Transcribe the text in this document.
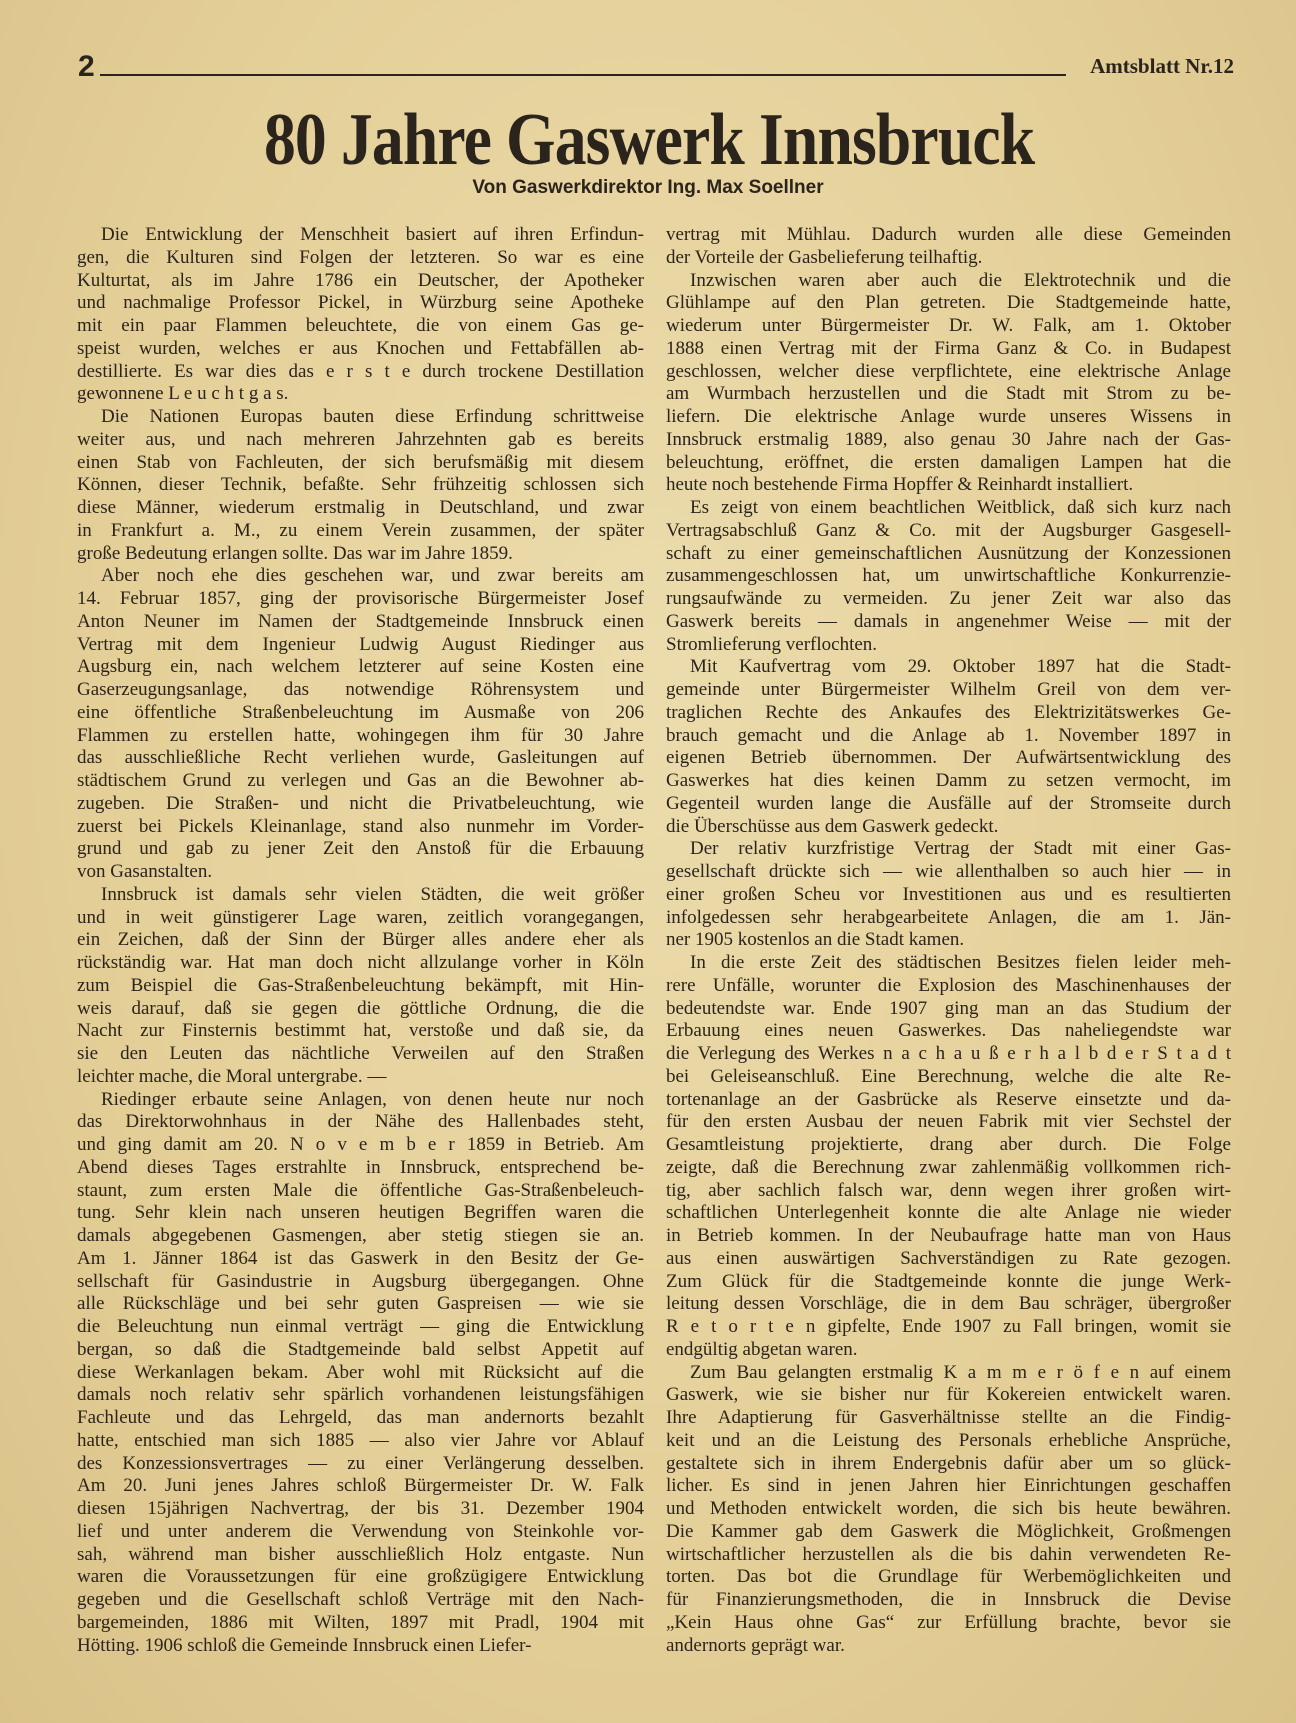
2	Amtsblatt Nr.12
80 Jahre Gaswerk Innsbruck
Von Gaswerkdirektor Ing. Max Soellner
Die Entwicklung der Menschheit basiert auf ihren Erfindun-
gen, die Kulturen sind Folgen der letzteren. So war es eine
Kulturtat, als im Jahre 1786 ein Deutscher, der Apotheker
und nachmalige Professor Pickel, in Würzburg seine Apotheke
mit ein paar Flammen beleuchtete, die von einem Gas ge-
speist wurden, welches er aus Knochen und Fettabfällen ab-
destillierte. Es war dies das e r s t e durch trockene Destillation
gewonnene L e u c h t g a s.
Die Nationen Europas bauten diese Erfindung schrittweise
weiter aus, und nach mehreren Jahrzehnten gab es bereits
einen Stab von Fachleuten, der sich berufsmäßig mit diesem
Können, dieser Technik, befaßte. Sehr frühzeitig schlossen sich
diese Männer, wiederum erstmalig in Deutschland, und zwar
in Frankfurt a. M., zu einem Verein zusammen, der später
große Bedeutung erlangen sollte. Das war im Jahre 1859.
Aber noch ehe dies geschehen war, und zwar bereits am
14. Februar 1857, ging der provisorische Bürgermeister Josef
Anton Neuner im Namen der Stadtgemeinde Innsbruck einen
Vertrag mit dem Ingenieur Ludwig August Riedinger aus
Augsburg ein, nach welchem letzterer auf seine Kosten eine
Gaserzeugungsanlage, das notwendige Röhrensystem und
eine öffentliche Straßenbeleuchtung im Ausmaße von 206
Flammen zu erstellen hatte, wohingegen ihm für 30 Jahre
das ausschließliche Recht verliehen wurde, Gasleitungen auf
städtischem Grund zu verlegen und Gas an die Bewohner ab-
zugeben. Die Straßen- und nicht die Privatbeleuchtung, wie
zuerst bei Pickels Kleinanlage, stand also nunmehr im Vorder-
grund und gab zu jener Zeit den Anstoß für die Erbauung
von Gasanstalten.
Innsbruck ist damals sehr vielen Städten, die weit größer
und in weit günstigerer Lage waren, zeitlich vorangegangen,
ein Zeichen, daß der Sinn der Bürger alles andere eher als
rückständig war. Hat man doch nicht allzulange vorher in Köln
zum Beispiel die Gas-Straßenbeleuchtung bekämpft, mit Hin-
weis darauf, daß sie gegen die göttliche Ordnung, die die
Nacht zur Finsternis bestimmt hat, verstoße und daß sie, da
sie den Leuten das nächtliche Verweilen auf den Straßen
leichter mache, die Moral untergrabe. —
Riedinger erbaute seine Anlagen, von denen heute nur noch
das Direktorwohnhaus in der Nähe des Hallenbades steht,
und ging damit am 20. N o v e m b e r 1859 in Betrieb. Am
Abend dieses Tages erstrahlte in Innsbruck, entsprechend be-
staunt, zum ersten Male die öffentliche Gas-Straßenbeleuch-
tung. Sehr klein nach unseren heutigen Begriffen waren die
damals abgegebenen Gasmengen, aber stetig stiegen sie an.
Am 1. Jänner 1864 ist das Gaswerk in den Besitz der Ge-
sellschaft für Gasindustrie in Augsburg übergegangen. Ohne
alle Rückschläge und bei sehr guten Gaspreisen — wie sie
die Beleuchtung nun einmal verträgt — ging die Entwicklung
bergan, so daß die Stadtgemeinde bald selbst Appetit auf
diese Werkanlagen bekam. Aber wohl mit Rücksicht auf die
damals noch relativ sehr spärlich vorhandenen leistungsfähigen
Fachleute und das Lehrgeld, das man andernorts bezahlt
hatte, entschied man sich 1885 — also vier Jahre vor Ablauf
des Konzessionsvertrages — zu einer Verlängerung desselben.
Am 20. Juni jenes Jahres schloß Bürgermeister Dr. W. Falk
diesen 15jährigen Nachvertrag, der bis 31. Dezember 1904
lief und unter anderem die Verwendung von Steinkohle vor-
sah, während man bisher ausschließlich Holz entgaste. Nun
waren die Voraussetzungen für eine großzügigere Entwicklung
gegeben und die Gesellschaft schloß Verträge mit den Nach-
bargemeinden, 1886 mit Wilten, 1897 mit Pradl, 1904 mit
Hötting. 1906 schloß die Gemeinde Innsbruck einen Liefer-
vertrag mit Mühlau. Dadurch wurden alle diese Gemeinden
der Vorteile der Gasbelieferung teilhaftig.
Inzwischen waren aber auch die Elektrotechnik und die
Glühlampe auf den Plan getreten. Die Stadtgemeinde hatte,
wiederum unter Bürgermeister Dr. W. Falk, am 1. Oktober
1888 einen Vertrag mit der Firma Ganz & Co. in Budapest
geschlossen, welcher diese verpflichtete, eine elektrische Anlage
am Wurmbach herzustellen und die Stadt mit Strom zu be-
liefern. Die elektrische Anlage wurde unseres Wissens in
Innsbruck erstmalig 1889, also genau 30 Jahre nach der Gas-
beleuchtung, eröffnet, die ersten damaligen Lampen hat die
heute noch bestehende Firma Hopffer & Reinhardt installiert.
Es zeigt von einem beachtlichen Weitblick, daß sich kurz nach
Vertragsabschluß Ganz & Co. mit der Augsburger Gasgesell-
schaft zu einer gemeinschaftlichen Ausnützung der Konzessionen
zusammengeschlossen hat, um unwirtschaftliche Konkurrenzie-
rungsaufwände zu vermeiden. Zu jener Zeit war also das
Gaswerk bereits — damals in angenehmer Weise — mit der
Stromlieferung verflochten.
Mit Kaufvertrag vom 29. Oktober 1897 hat die Stadt-
gemeinde unter Bürgermeister Wilhelm Greil von dem ver-
traglichen Rechte des Ankaufes des Elektrizitätswerkes Ge-
brauch gemacht und die Anlage ab 1. November 1897 in
eigenen Betrieb übernommen. Der Aufwärtsentwicklung des
Gaswerkes hat dies keinen Damm zu setzen vermocht, im
Gegenteil wurden lange die Ausfälle auf der Stromseite durch
die Überschüsse aus dem Gaswerk gedeckt.
Der relativ kurzfristige Vertrag der Stadt mit einer Gas-
gesellschaft drückte sich — wie allenthalben so auch hier — in
einer großen Scheu vor Investitionen aus und es resultierten
infolgedessen sehr herabgearbeitete Anlagen, die am 1. Jän-
ner 1905 kostenlos an die Stadt kamen.
In die erste Zeit des städtischen Besitzes fielen leider meh-
rere Unfälle, worunter die Explosion des Maschinenhauses der
bedeutendste war. Ende 1907 ging man an das Studium der
Erbauung eines neuen Gaswerkes. Das naheliegendste war
die Verlegung des Werkes n a c h a u ß e r h a l b d e r S t a d t
bei Geleiseanschluß. Eine Berechnung, welche die alte Re-
tortenanlage an der Gasbrücke als Reserve einsetzte und da-
für den ersten Ausbau der neuen Fabrik mit vier Sechstel der
Gesamtleistung projektierte, drang aber durch. Die Folge
zeigte, daß die Berechnung zwar zahlenmäßig vollkommen rich-
tig, aber sachlich falsch war, denn wegen ihrer großen wirt-
schaftlichen Unterlegenheit konnte die alte Anlage nie wieder
in Betrieb kommen. In der Neubaufrage hatte man von Haus
aus einen auswärtigen Sachverständigen zu Rate gezogen.
Zum Glück für die Stadtgemeinde konnte die junge Werk-
leitung dessen Vorschläge, die in dem Bau schräger, übergroßer
R e t o r t e n gipfelte, Ende 1907 zu Fall bringen, womit sie
endgültig abgetan waren.
Zum Bau gelangten erstmalig K a m m e r ö f e n auf einem
Gaswerk, wie sie bisher nur für Kokereien entwickelt waren.
Ihre Adaptierung für Gasverhältnisse stellte an die Findig-
keit und an die Leistung des Personals erhebliche Ansprüche,
gestaltete sich in ihrem Endergebnis dafür aber um so glück-
licher. Es sind in jenen Jahren hier Einrichtungen geschaffen
und Methoden entwickelt worden, die sich bis heute bewähren.
Die Kammer gab dem Gaswerk die Möglichkeit, Großmengen
wirtschaftlicher herzustellen als die bis dahin verwendeten Re-
torten. Das bot die Grundlage für Werbemöglichkeiten und
für Finanzierungsmethoden, die in Innsbruck die Devise
„Kein Haus ohne Gas“ zur Erfüllung brachte, bevor sie
andernorts geprägt war.
